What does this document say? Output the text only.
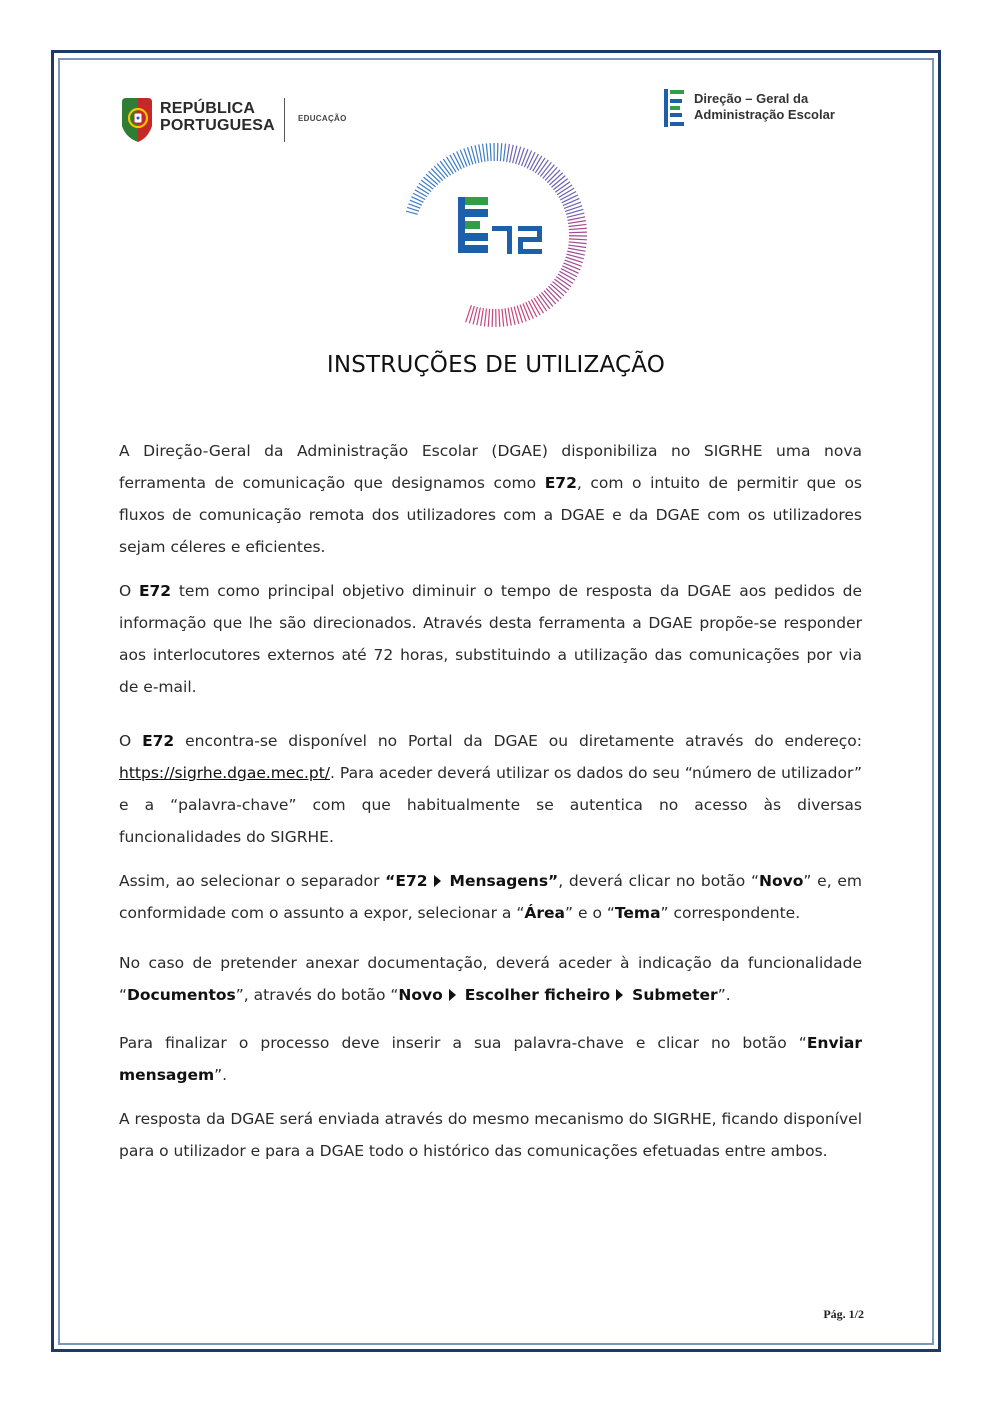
REPÚBLICA
PORTUGUESA	EDUCAÇÃO
Direção – Geral da
Administração Escolar
INSTRUÇÕES DE UTILIZAÇÃO

A Direção-Geral da Administração Escolar (DGAE) disponibiliza no SIGRHE uma nova ferramenta de comunicação que designamos como E72, com o intuito de permitir que os fluxos de comunicação remota dos utilizadores com a DGAE e da DGAE com os utilizadores sejam céleres e eficientes.

O E72 tem como principal objetivo diminuir o tempo de resposta da DGAE aos pedidos de informação que lhe são direcionados. Através desta ferramenta a DGAE propõe-se responder aos interlocutores externos até 72 horas, substituindo a utilização das comunicações por via de e-mail.

O E72 encontra-se disponível no Portal da DGAE ou diretamente através do endereço: https://sigrhe.dgae.mec.pt/. Para aceder deverá utilizar os dados do seu “número de utilizador” e a “palavra-chave” com que habitualmente se autentica no acesso às diversas funcionalidades do SIGRHE.

Assim, ao selecionar o separador “E72 Mensagens”, deverá clicar no botão “Novo” e, em conformidade com o assunto a expor, selecionar a “Área” e o “Tema” correspondente.

No caso de pretender anexar documentação, deverá aceder à indicação da funcionalidade “Documentos”, através do botão “Novo Escolher ficheiro Submeter”.

Para finalizar o processo deve inserir a sua palavra-chave e clicar no botão “Enviar mensagem”.

A resposta da DGAE será enviada através do mesmo mecanismo do SIGRHE, ficando disponível para o utilizador e para a DGAE todo o histórico das comunicações efetuadas entre ambos.

Pág. 1/2
